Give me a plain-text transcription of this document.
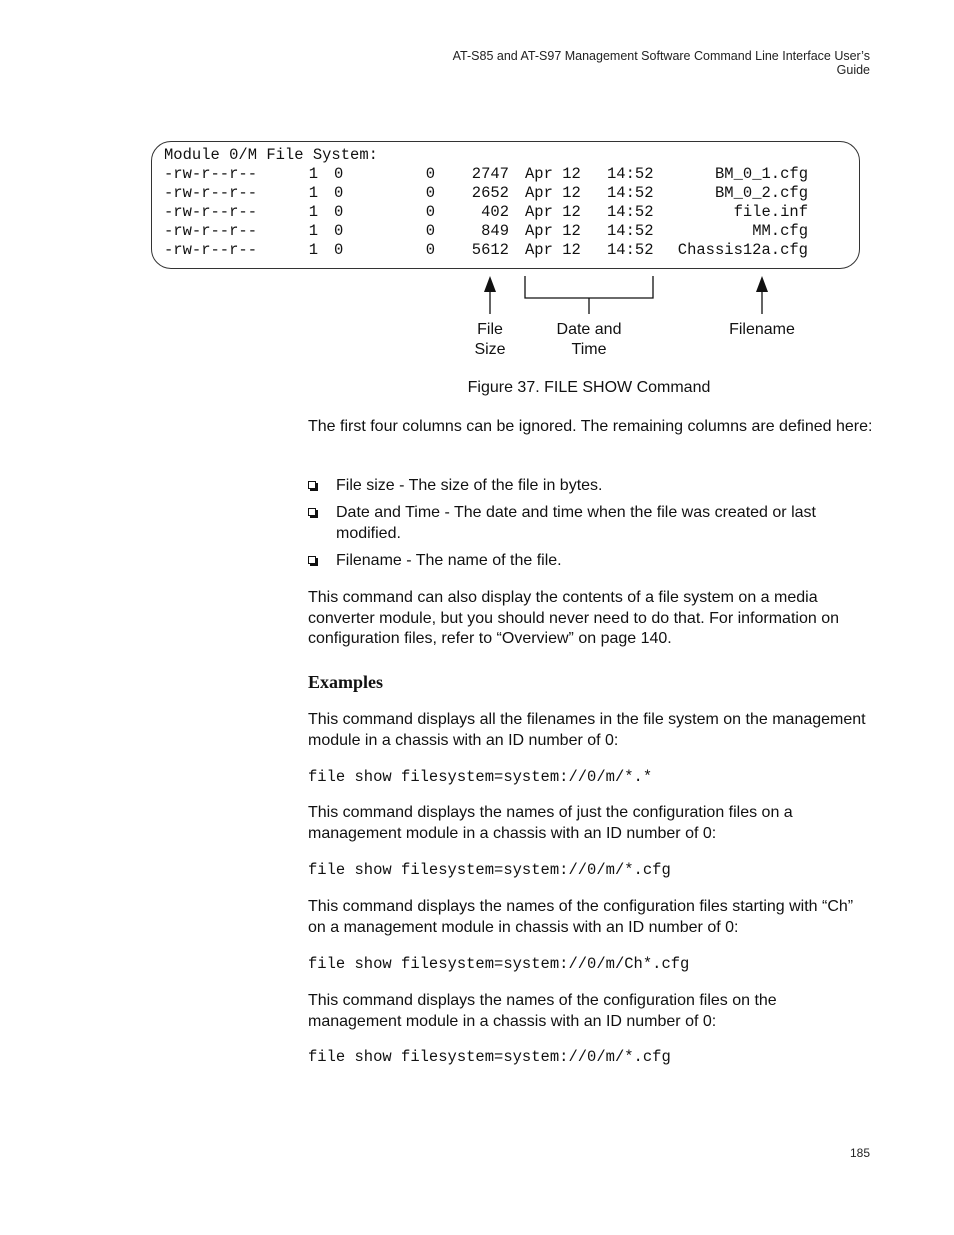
AT-S85 and AT-S97 Management Software Command Line Interface User’s Guide
Module 0/M File System:
-rw-r--r--	1 0	0	2747 Apr 12	14:52	BM_0_1.cfg
-rw-r--r--	1 0	0	2652 Apr 12	14:52	BM_0_2.cfg
-rw-r--r--	1 0	0	402 Apr 12	14:52	file.inf
-rw-r--r--	1 0	0	849 Apr 12	14:52	MM.cfg
-rw-r--r--	1 0	0	5612 Apr 12	14:52	Chassis12a.cfg
File
Size
Date and
Time
Filename
Figure 37. FILE SHOW Command
The first four columns can be ignored. The remaining columns are defined here:
File size - The size of the file in bytes.
Date and Time - The date and time when the file was created or last modified.
Filename - The name of the file.
This command can also display the contents of a file system on a media converter module, but you should never need to do that. For information on configuration files, refer to “Overview” on page 140.
Examples
This command displays all the filenames in the file system on the management module in a chassis with an ID number of 0:
file show filesystem=system://0/m/*.*
This command displays the names of just the configuration files on a management module in a chassis with an ID number of 0:
file show filesystem=system://0/m/*.cfg
This command displays the names of the configuration files starting with “Ch” on a management module in chassis with an ID number of 0:
file show filesystem=system://0/m/Ch*.cfg
This command displays the names of the configuration files on the management module in a chassis with an ID number of 0:
file show filesystem=system://0/m/*.cfg
185
